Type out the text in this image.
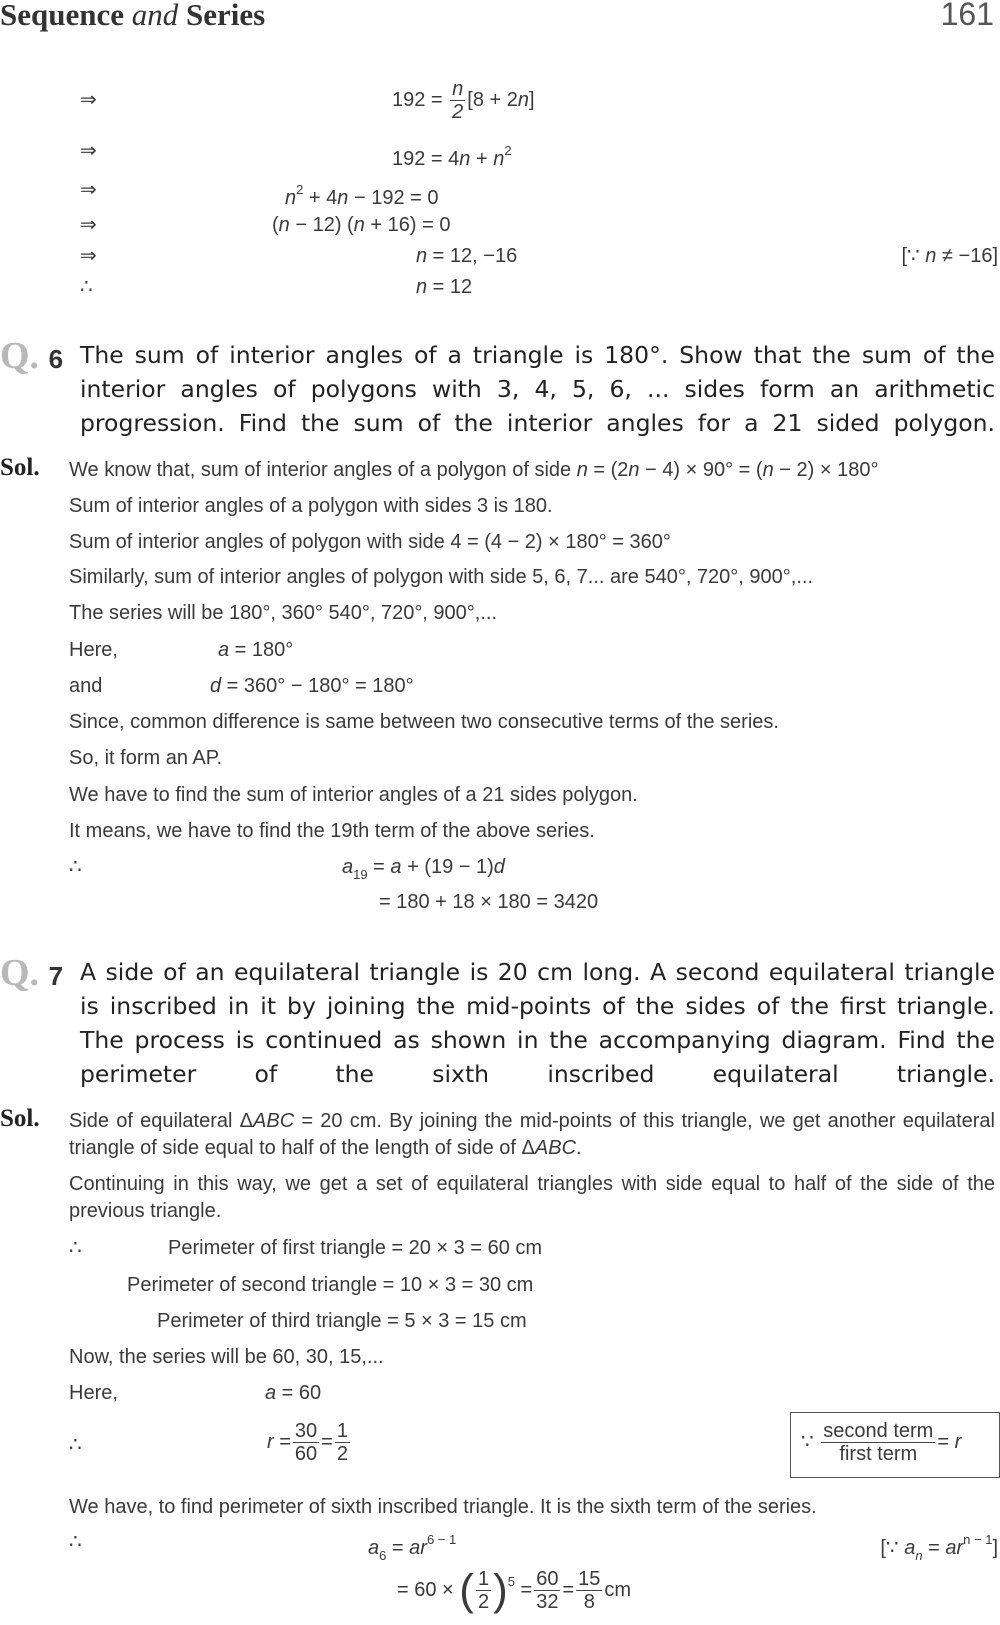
Sequence and Series	161
⇒	$192 = \frac{n}{2} [8 + 2n]$
⇒	$192 = 4n + n^2$
⇒	$n^2 + 4n - 192 = 0$
⇒	(n − 12) (n + 16) = 0
⇒	n = 12, −16	[∵ n ≠ −16]
∴	n = 12
Q. 6 The sum of interior angles of a triangle is 180°. Show that the sum of the interior angles of polygons with 3, 4, 5, 6, ... sides form an arithmetic progression. Find the sum of the interior angles for a 21 sided polygon.
Sol. We know that, sum of interior angles of a polygon of side n = (2n − 4) × 90° = (n − 2) × 180°
Sum of interior angles of a polygon with sides 3 is 180.
Sum of interior angles of polygon with side 4 = (4 − 2) × 180° = 360°
Similarly, sum of interior angles of polygon with side 5, 6, 7... are 540°, 720°, 900°,...
The series will be 180°, 360° 540°, 720°, 900°,...
Here,	a = 180°
and	d = 360° − 180° = 180°
Since, common difference is same between two consecutive terms of the series.
So, it form an AP.
We have to find the sum of interior angles of a 21 sides polygon.
It means, we have to find the 19th term of the above series.
∴	$a_{19} = a + (19 - 1)d$
= 180 + 18 × 180 = 3420
Q. 7 A side of an equilateral triangle is 20 cm long. A second equilateral triangle is inscribed in it by joining the mid-points of the sides of the first triangle. The process is continued as shown in the accompanying diagram. Find the perimeter of the sixth inscribed equilateral triangle.
Sol. Side of equilateral ΔABC = 20 cm. By joining the mid-points of this triangle, we get another equilateral triangle of side equal to half of the length of side of ΔABC.
Continuing in this way, we get a set of equilateral triangles with side equal to half of the side of the previous triangle.
∴	Perimeter of first triangle = 20 × 3 = 60 cm
Perimeter of second triangle = 10 × 3 = 30 cm
Perimeter of third triangle = 5 × 3 = 15 cm
Now, the series will be 60, 30, 15,...
Here,	a = 60
∴	$r = \frac{30}{60} = \frac{1}{2}$	∵ $\frac{\text{second term}}{\text{first term}} = r$
We have, to find perimeter of sixth inscribed triangle. It is the sixth term of the series.
∴	$a_6 = ar^{6 - 1}$	[∵ $a_n = ar^{n - 1}$]
= 60 × ( $\frac{1}{2} )^5 = \frac{60}{32} = \frac{15}{8}$ cm
